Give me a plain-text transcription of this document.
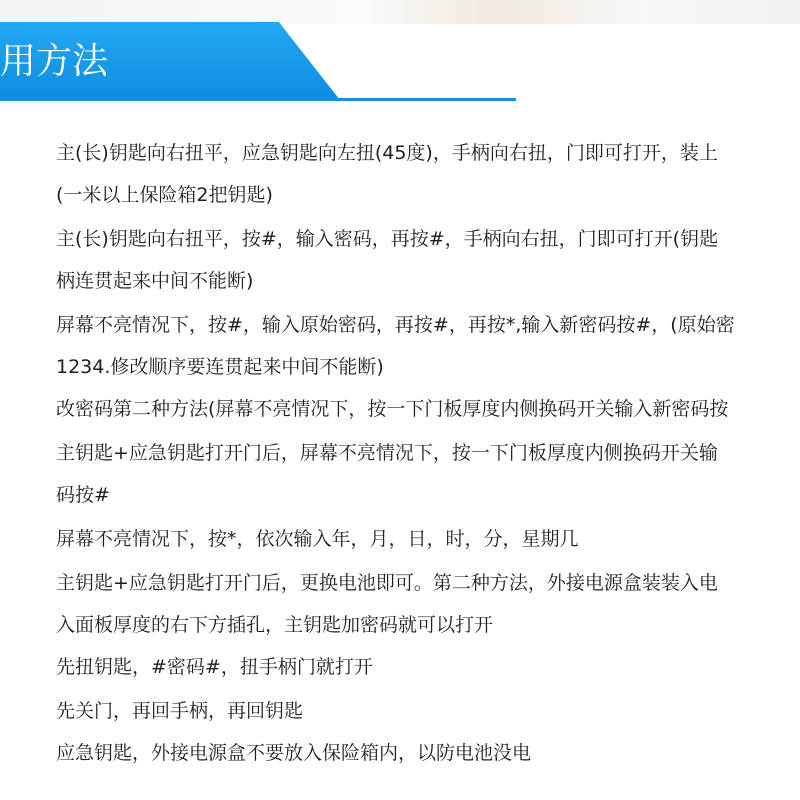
用方法
主(长)钥匙向右扭平，应急钥匙向左扭(45度)，手柄向右扭，门即可打开，装上
(一米以上保险箱2把钥匙)
主(长)钥匙向右扭平，按#，输入密码，再按#，手柄向右扭，门即可打开(钥匙
柄连贯起来中间不能断)
屏幕不亮情况下，按#，输入原始密码，再按#，再按*,输入新密码按#，(原始密
1234.修改顺序要连贯起来中间不能断)
改密码第二种方法(屏幕不亮情况下，按一下门板厚度内侧换码开关输入新密码按
主钥匙+应急钥匙打开门后，屏幕不亮情况下，按一下门板厚度内侧换码开关输
码按#
屏幕不亮情况下，按*，依次输入年，月，日，时，分，星期几
主钥匙+应急钥匙打开门后，更换电池即可。第二种方法，外接电源盒装装入电
入面板厚度的右下方插孔，主钥匙加密码就可以打开
先扭钥匙，#密码#，扭手柄门就打开
先关门，再回手柄，再回钥匙
应急钥匙，外接电源盒不要放入保险箱内，以防电池没电
